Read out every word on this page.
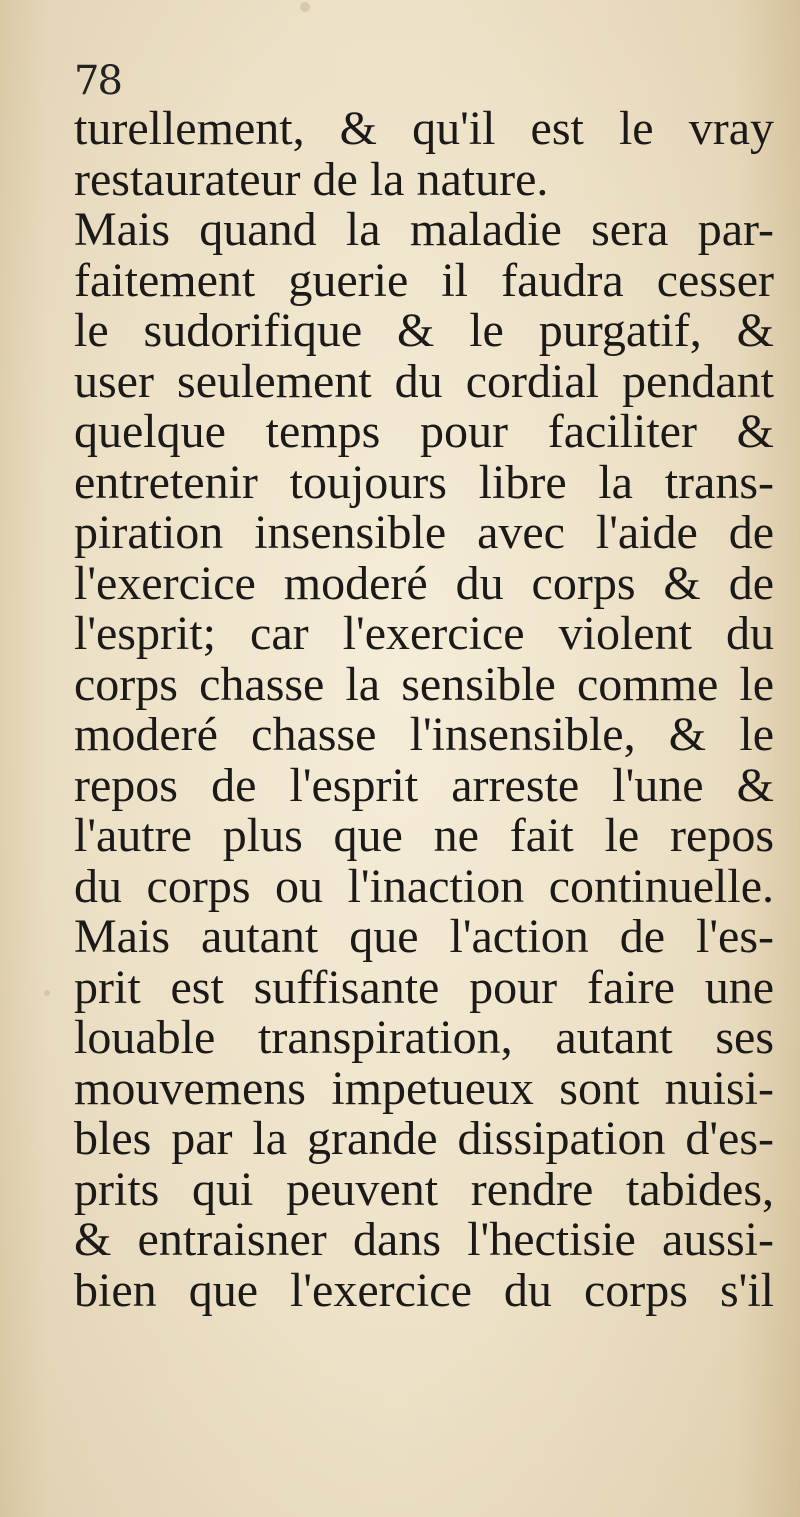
78
turellement, & qu'il est le vray
restaurateur de la nature.
Mais quand la maladie sera par-
faitement guerie il faudra cesser
le sudorifique & le purgatif, &
user seulement du cordial pendant
quelque temps pour faciliter &
entretenir toujours libre la trans-
piration insensible avec l'aide de
l'exercice moderé du corps & de
l'esprit; car l'exercice violent du
corps chasse la sensible comme le
moderé chasse l'insensible, & le
repos de l'esprit arreste l'une &
l'autre plus que ne fait le repos
du corps ou l'inaction continuelle.
Mais autant que l'action de l'es-
prit est suffisante pour faire une
louable transpiration, autant ses
mouvemens impetueux sont nuisi-
bles par la grande dissipation d'es-
prits qui peuvent rendre tabides,
& entraisner dans l'hectisie aussi-
bien que l'exercice du corps s'il
